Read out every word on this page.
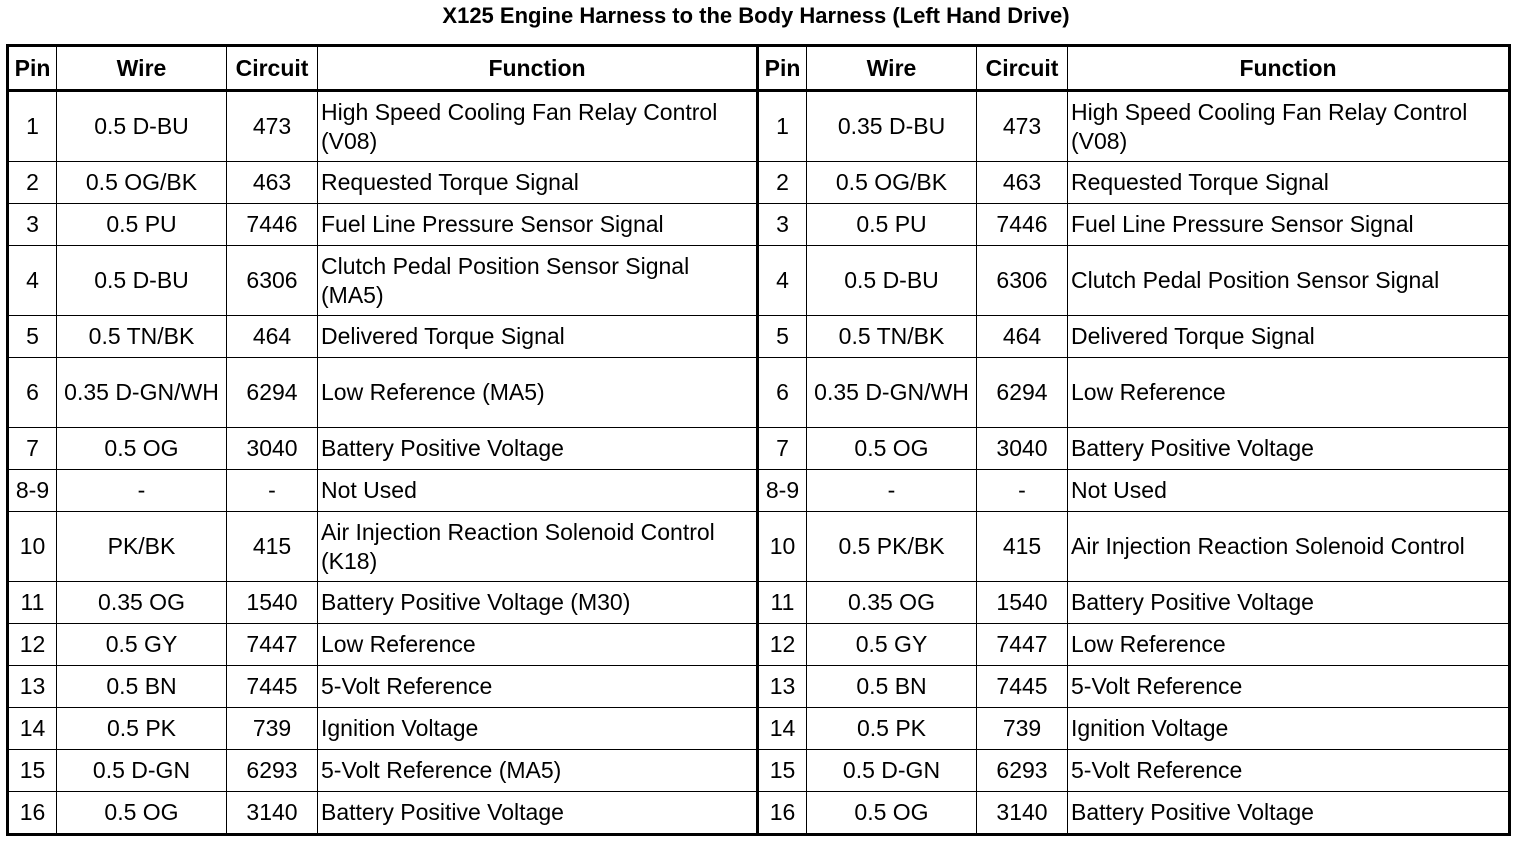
X125 Engine Harness to the Body Harness (Left Hand Drive)
Pin	Wire	Circuit	Function	Pin	Wire	Circuit	Function
1	0.5 D-BU	473	High Speed Cooling Fan Relay Control (V08)	1	0.35 D-BU	473	High Speed Cooling Fan Relay Control (V08)
2	0.5 OG/BK	463	Requested Torque Signal	2	0.5 OG/BK	463	Requested Torque Signal
3	0.5 PU	7446	Fuel Line Pressure Sensor Signal	3	0.5 PU	7446	Fuel Line Pressure Sensor Signal
4	0.5 D-BU	6306	Clutch Pedal Position Sensor Signal (MA5)	4	0.5 D-BU	6306	Clutch Pedal Position Sensor Signal
5	0.5 TN/BK	464	Delivered Torque Signal	5	0.5 TN/BK	464	Delivered Torque Signal
6	0.35 D-GN/WH	6294	Low Reference (MA5)	6	0.35 D-GN/WH	6294	Low Reference
7	0.5 OG	3040	Battery Positive Voltage	7	0.5 OG	3040	Battery Positive Voltage
8-9	-	-	Not Used	8-9	-	-	Not Used
10	PK/BK	415	Air Injection Reaction Solenoid Control (K18)	10	0.5 PK/BK	415	Air Injection Reaction Solenoid Control
11	0.35 OG	1540	Battery Positive Voltage (M30)	11	0.35 OG	1540	Battery Positive Voltage
12	0.5 GY	7447	Low Reference	12	0.5 GY	7447	Low Reference
13	0.5 BN	7445	5-Volt Reference	13	0.5 BN	7445	5-Volt Reference
14	0.5 PK	739	Ignition Voltage	14	0.5 PK	739	Ignition Voltage
15	0.5 D-GN	6293	5-Volt Reference (MA5)	15	0.5 D-GN	6293	5-Volt Reference
16	0.5 OG	3140	Battery Positive Voltage	16	0.5 OG	3140	Battery Positive Voltage
